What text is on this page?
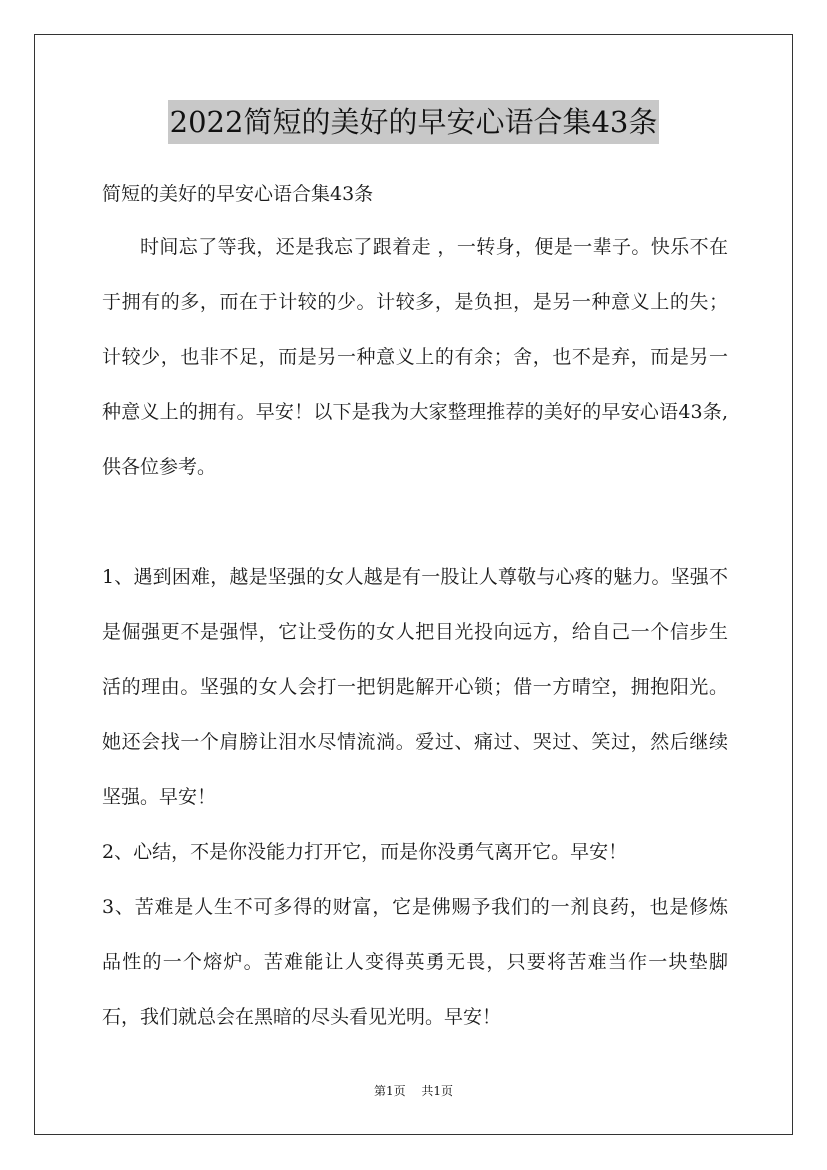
2022简短的美好的早安心语合集43条
简短的美好的早安心语合集43条

时间忘了等我，还是我忘了跟着走 ，一转身，便是一辈子。快乐不在于拥有的多，而在于计较的少。计较多，是负担，是另一种意义上的失；计较少，也非不足，而是另一种意义上的有余；舍，也不是弃，而是另一种意义上的拥有。早安！以下是我为大家整理推荐的美好的早安心语43条,供各位参考。

1、遇到困难，越是坚强的女人越是有一股让人尊敬与心疼的魅力。坚强不是倔强更不是强悍，它让受伤的女人把目光投向远方，给自己一个信步生活的理由。坚强的女人会打一把钥匙解开心锁；借一方晴空，拥抱阳光。她还会找一个肩膀让泪水尽情流淌。爱过、痛过、哭过、笑过，然后继续坚强。早安！

2、心结，不是你没能力打开它，而是你没勇气离开它。早安！

3、苦难是人生不可多得的财富，它是佛赐予我们的一剂良药，也是修炼 品性的一个熔炉。苦难能让人变得英勇无畏，只要将苦难当作一块垫脚 石，我们就总会在黑暗的尽头看见光明。早安！

第1页 共1页
